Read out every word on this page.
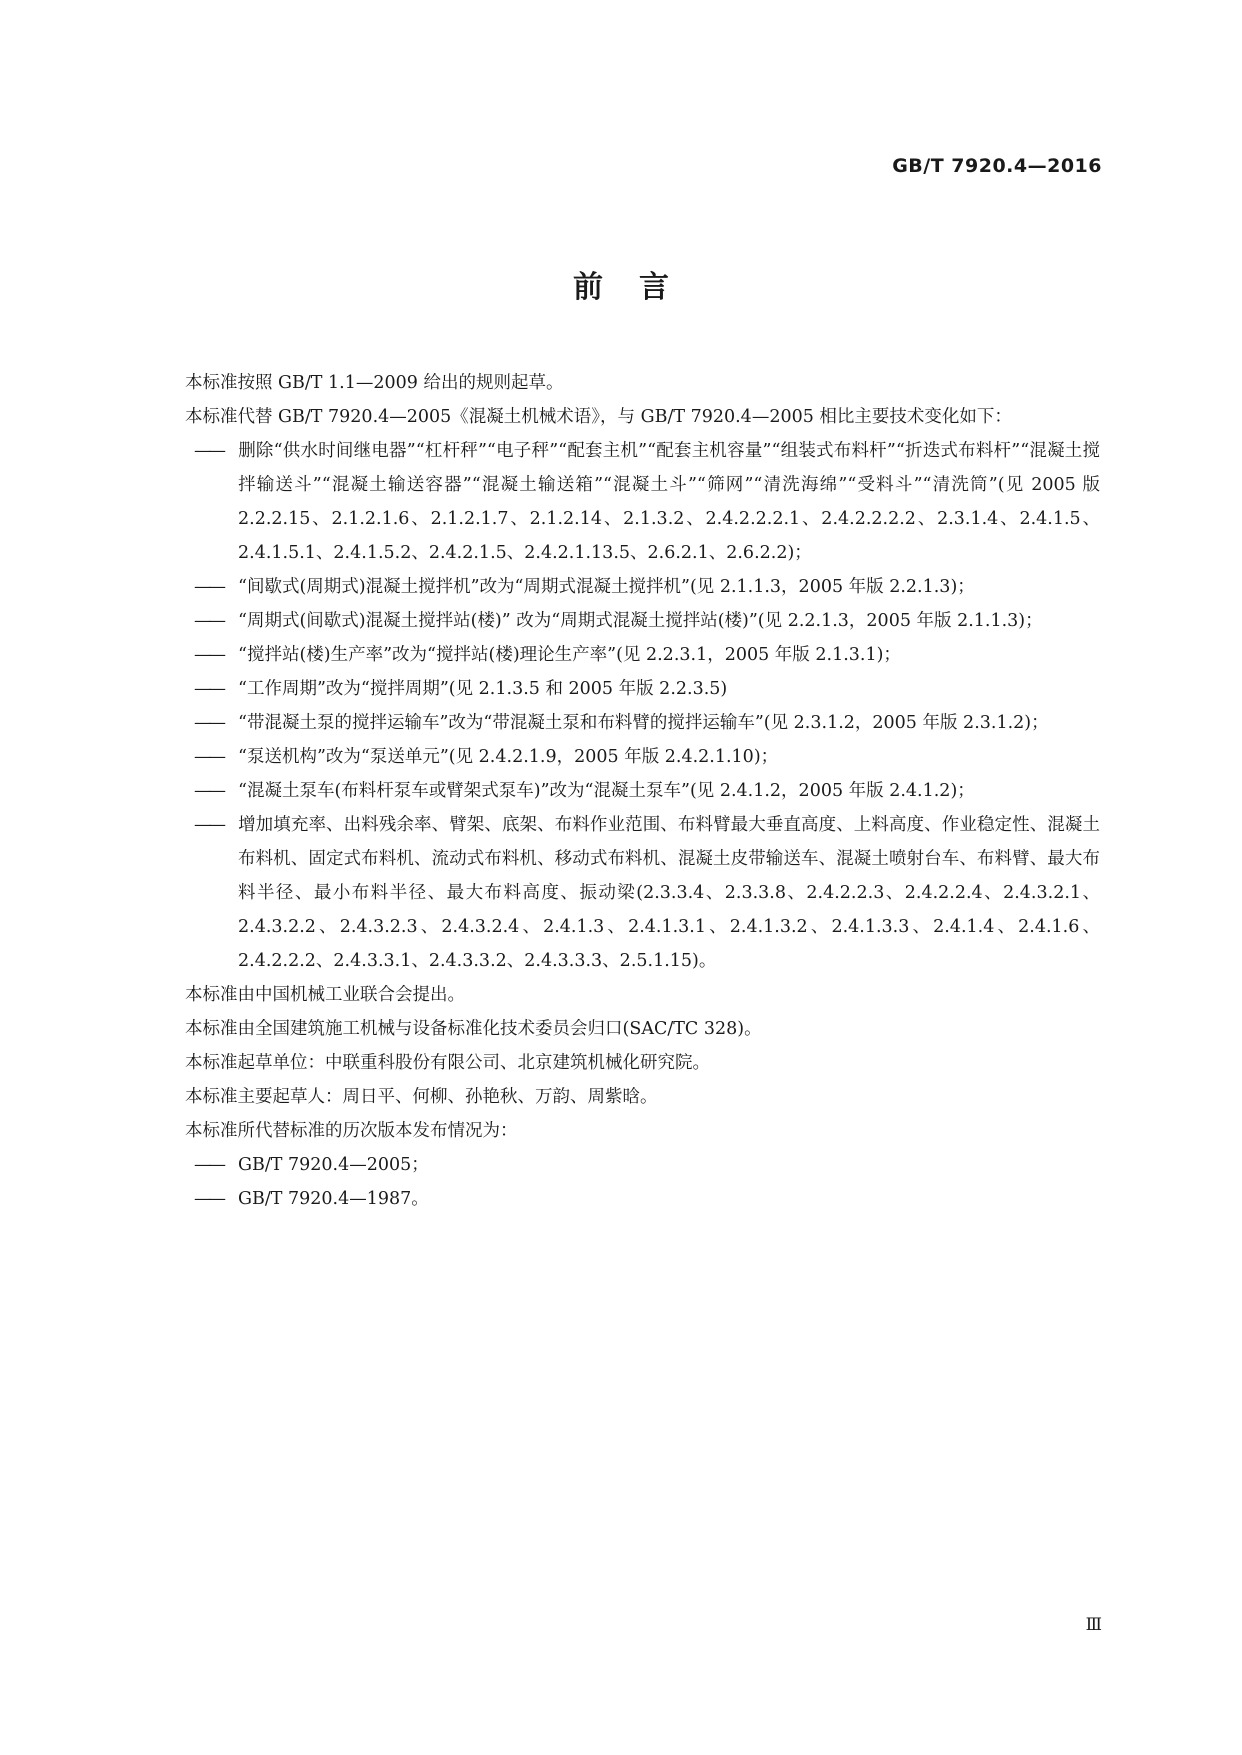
GB/T 7920.4—2016
前言

本标准按照 GB/T 1.1—2009 给出的规则起草。

本标准代替 GB/T 7920.4—2005《混凝土机械术语》，与 GB/T 7920.4—2005 相比主要技术变化如下：

—— 删除“供水时间继电器”“杠杆秤”“电子秤”“配套主机”“配套主机容量”“组装式布料杆”“折迭式布料杆”“混凝土搅拌输送斗”“混凝土输送容器”“混凝土输送箱”“混凝土斗”“筛网”“清洗海绵”“受料斗”“清洗筒”(见 2005 版 2.2.2.15、2.1.2.1.6、2.1.2.1.7、2.1.2.14、2.1.3.2、2.4.2.2.2.1、2.4.2.2.2.2、2.3.1.4、2.4.1.5、2.4.1.5.1、2.4.1.5.2、2.4.2.1.5、2.4.2.1.13.5、2.6.2.1、2.6.2.2)；
—— “间歇式(周期式)混凝土搅拌机”改为“周期式混凝土搅拌机”(见 2.1.1.3，2005 年版 2.2.1.3)；
—— “周期式(间歇式)混凝土搅拌站(楼)” 改为“周期式混凝土搅拌站(楼)”(见 2.2.1.3，2005 年版 2.1.1.3)；
—— “搅拌站(楼)生产率”改为“搅拌站(楼)理论生产率”(见 2.2.3.1，2005 年版 2.1.3.1)；
—— “工作周期”改为“搅拌周期”(见 2.1.3.5 和 2005 年版 2.2.3.5)
—— “带混凝土泵的搅拌运输车”改为“带混凝土泵和布料臂的搅拌运输车”(见 2.3.1.2，2005 年版 2.3.1.2)；
—— “泵送机构”改为“泵送单元”(见 2.4.2.1.9，2005 年版 2.4.2.1.10)；
—— “混凝土泵车(布料杆泵车或臂架式泵车)”改为“混凝土泵车”(见 2.4.1.2，2005 年版 2.4.1.2)；
—— 增加填充率、出料残余率、臂架、底架、布料作业范围、布料臂最大垂直高度、上料高度、作业稳定性、混凝土布料机、固定式布料机、流动式布料机、移动式布料机、混凝土皮带输送车、混凝土喷射台车、布料臂、最大布料半径、最小布料半径、最大布料高度、振动梁(2.3.3.4、2.3.3.8、2.4.2.2.3、2.4.2.2.4、2.4.3.2.1、2.4.3.2.2、2.4.3.2.3、2.4.3.2.4、2.4.1.3、2.4.1.3.1、2.4.1.3.2、2.4.1.3.3、2.4.1.4、2.4.1.6、2.4.2.2.2、2.4.3.3.1、2.4.3.3.2、2.4.3.3.3、2.5.1.15)。

本标准由中国机械工业联合会提出。

本标准由全国建筑施工机械与设备标准化技术委员会归口(SAC/TC 328)。

本标准起草单位：中联重科股份有限公司、北京建筑机械化研究院。

本标准主要起草人：周日平、何柳、孙艳秋、万韵、周紫晗。

本标准所代替标准的历次版本发布情况为：

—— GB/T 7920.4—2005；
—— GB/T 7920.4—1987。
Ⅲ
